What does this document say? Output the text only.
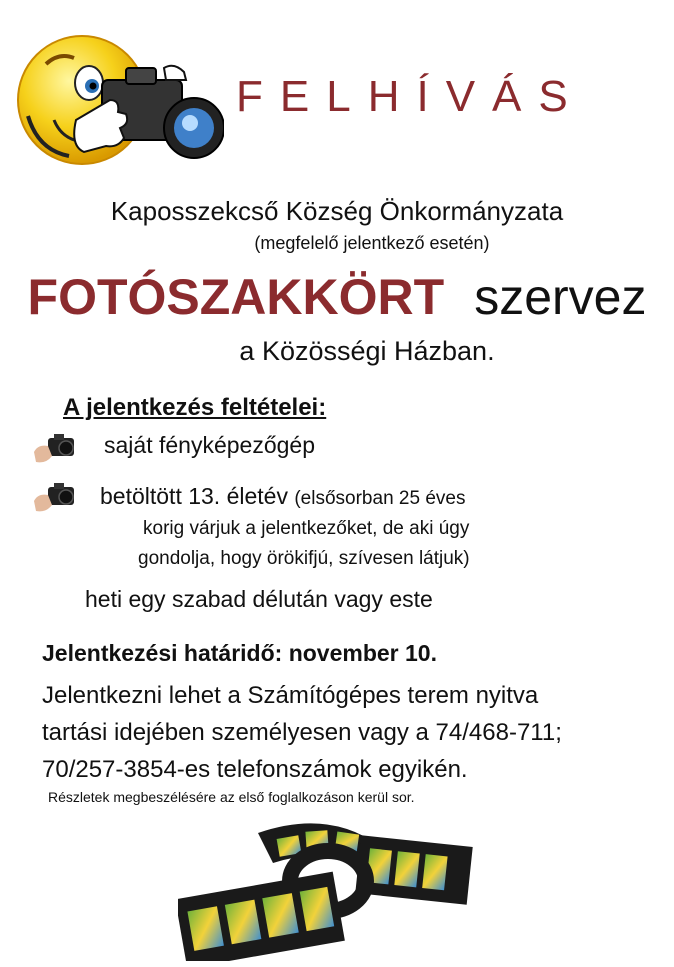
FELHÍVÁS
Kaposszekcső Község Önkormányzata
(megfelelő jelentkező esetén)
FOTÓSZAKKÖRT szervez
a Közösségi Házban.
A jelentkezés feltételei:
saját fényképezőgép
betöltött 13. életév (elsősorban 25 éves
korig várjuk a jelentkezőket, de aki úgy
gondolja, hogy örökifjú, szívesen látjuk)
heti egy szabad délután vagy este
Jelentkezési határidő: november 10.
Jelentkezni lehet a Számítógépes terem nyitva
tartási idejében személyesen vagy a 74/468-711;
70/257-3854-es telefonszámok egyikén.
Részletek megbeszélésére az első foglalkozáson kerül sor.
